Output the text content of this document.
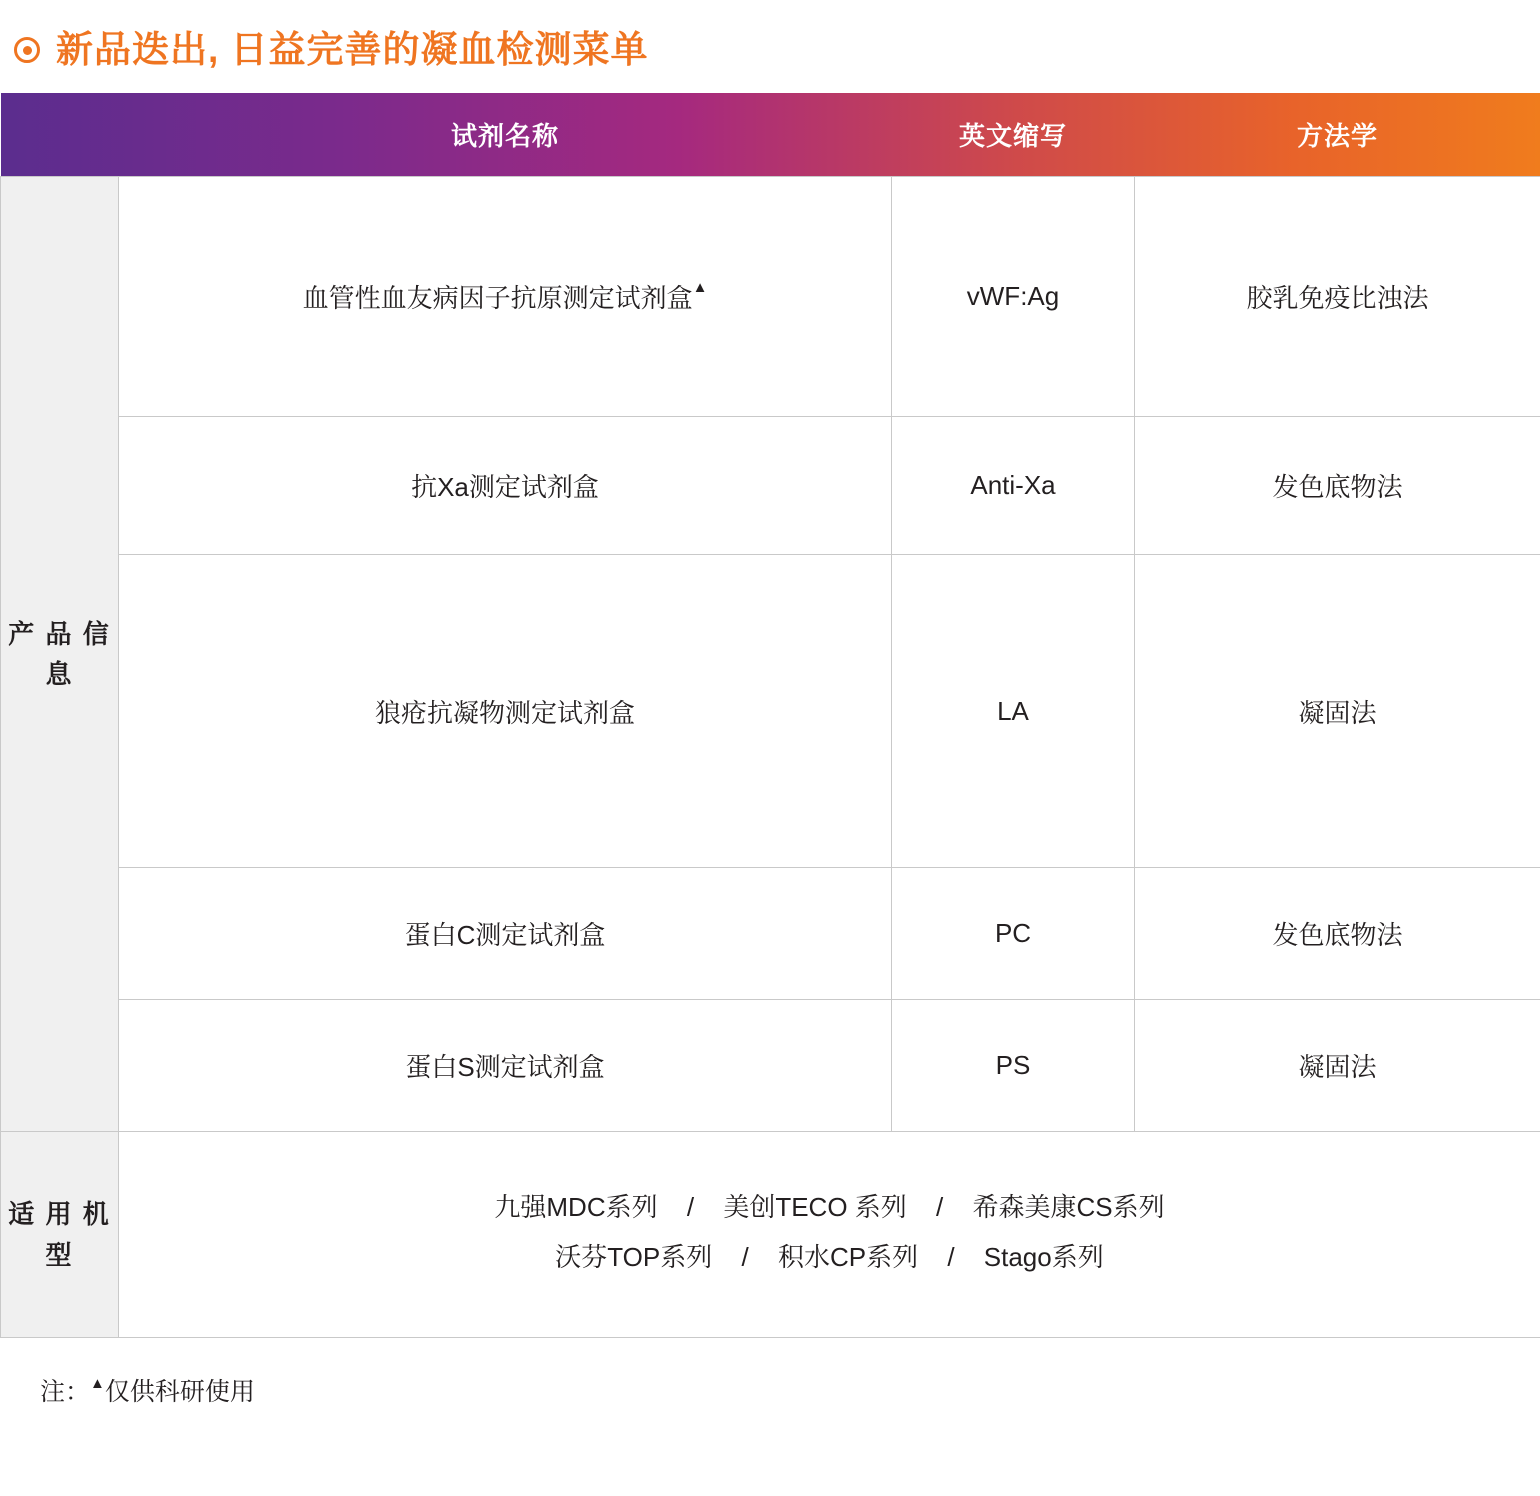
新品迭出, 日益完善的凝血检测菜单
	试剂名称	英文缩写	方法学

产 品 信 息	血管性血友病因子抗原测定试剂盒▲	vWF:Ag	胶乳免疫比浊法
	抗Xa测定试剂盒	Anti-Xa	发色底物法
	狼疮抗凝物测定试剂盒	LA	凝固法
	蛋白C测定试剂盒	PC	发色底物法
	蛋白S测定试剂盒	PS	凝固法

适 用 机 型	九强MDC系列 / 美创TECO 系列 / 希森美康CS系列
沃芬TOP系列 / 积水CP系列 / Stago系列		
注：▲仅供科研使用
